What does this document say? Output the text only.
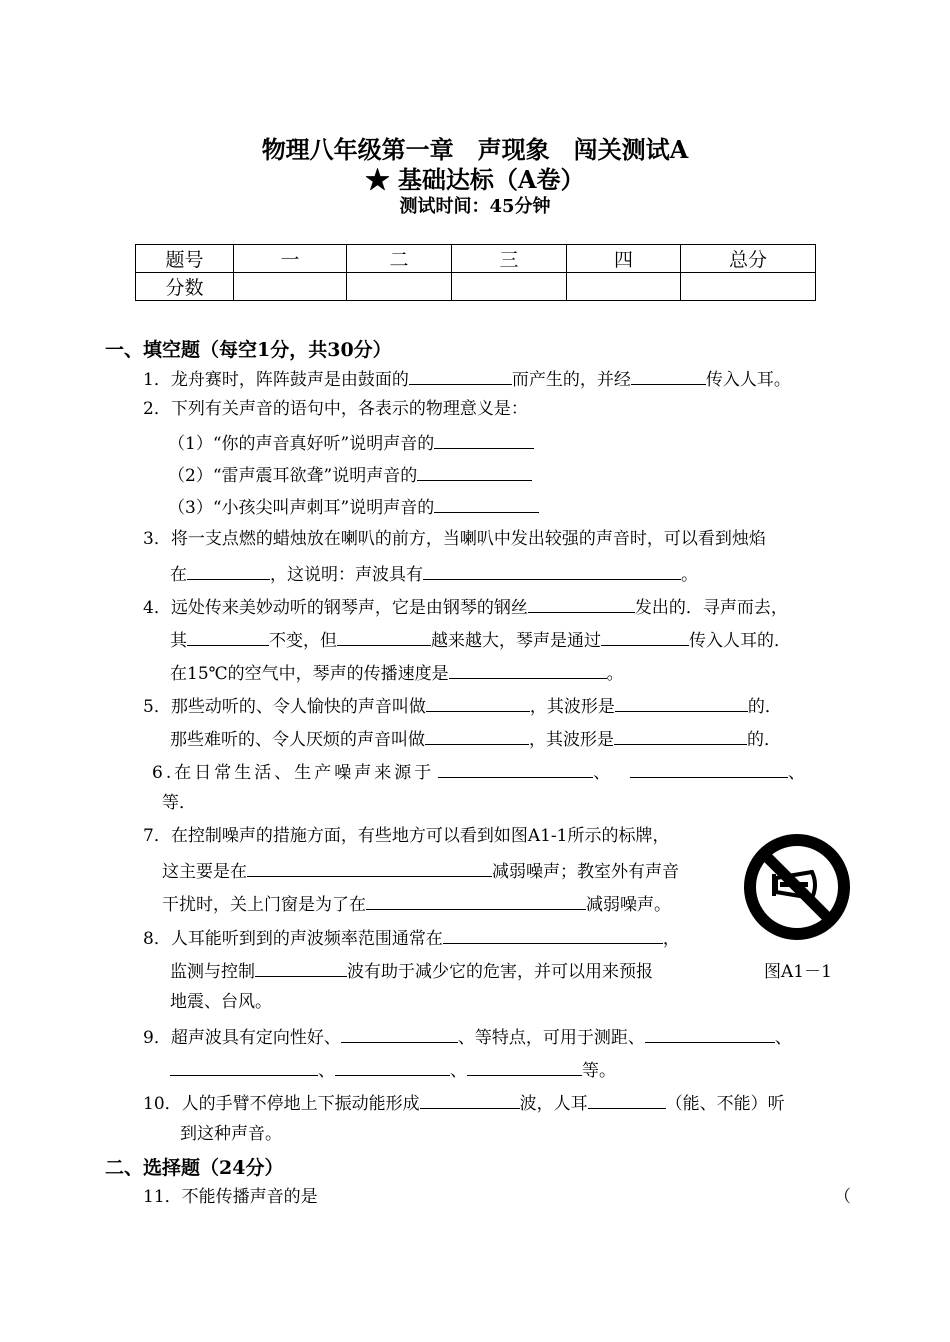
物理八年级第一章　声现象　闯关测试A
★ 基础达标（A卷）
测试时间：45分钟
题号	一	二	三	四	总分
分数					
一、填空题（每空1分，共30分）
1．龙舟赛时，阵阵鼓声是由鼓面的	而产生的，并经	传入人耳。
2．下列有关声音的语句中，各表示的物理意义是：
（1）“你的声音真好听”说明声音的
（2）“雷声震耳欲聋”说明声音的
（3）“小孩尖叫声刺耳”说明声音的
3．将一支点燃的蜡烛放在喇叭的前方，当喇叭中发出较强的声音时，可以看到烛焰
在	，这说明：声波具有	。
4．远处传来美妙动听的钢琴声，它是由钢琴的钢丝	发出的．寻声而去，
其	不变，但	越来越大，琴声是通过	传入人耳的．
在15℃的空气中，琴声的传播速度是	。
5．那些动听的、令人愉快的声音叫做	，其波形是	的．
那些难听的、令人厌烦的声音叫做	，其波形是	的．
6.在日常生活、生产噪声来源于	、	、
等．
7．在控制噪声的措施方面，有些地方可以看到如图A1-1所示的标牌，
这主要是在	减弱噪声；教室外有声音
干扰时，关上门窗是为了在	减弱噪声。
图A1－1
8．人耳能听到到的声波频率范围通常在	，
监测与控制	波有助于减少它的危害，并可以用来预报
地震、台风。
9．超声波具有定向性好、	、等特点，可用于测距、	、
、	、	等。
10．人的手臂不停地上下振动能形成	波，人耳	（能、不能）听
到这种声音。
二、选择题（24分）
11．不能传播声音的是	（
